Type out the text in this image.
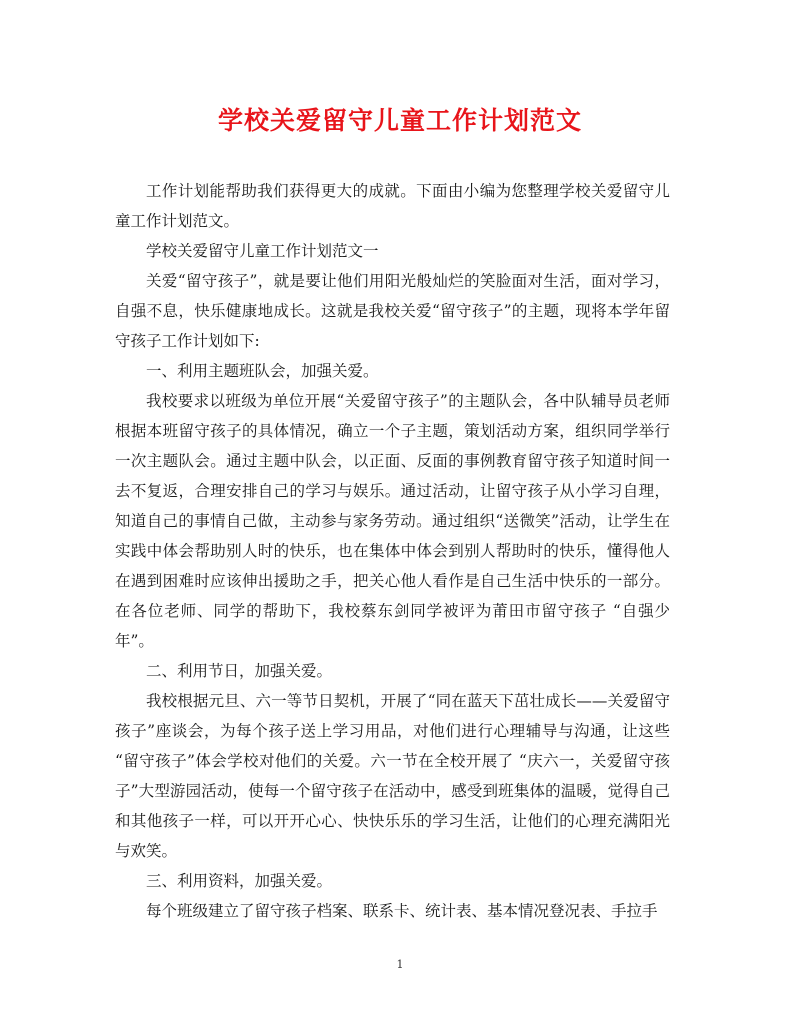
学校关爱留守儿童工作计划范文

工作计划能帮助我们获得更大的成就。下面由小编为您整理学校关爱留守儿童工作计划范文。

学校关爱留守儿童工作计划范文一

关爱“留守孩子”，就是要让他们用阳光般灿烂的笑脸面对生活，面对学习，自强不息，快乐健康地成长。这就是我校关爱“留守孩子”的主题，现将本学年留守孩子工作计划如下:

一、利用主题班队会，加强关爱。

我校要求以班级为单位开展“关爱留守孩子”的主题队会，各中队辅导员老师根据本班留守孩子的具体情况，确立一个子主题，策划活动方案，组织同学举行一次主题队会。通过主题中队会，以正面、反面的事例教育留守孩子知道时间一去不复返，合理安排自己的学习与娱乐。通过活动，让留守孩子从小学习自理，知道自己的事情自己做，主动参与家务劳动。通过组织“送微笑”活动，让学生在实践中体会帮助别人时的快乐，也在集体中体会到别人帮助时的快乐，懂得他人在遇到困难时应该伸出援助之手，把关心他人看作是自己生活中快乐的一部分。在各位老师、同学的帮助下，我校蔡东剑同学被评为莆田市留守孩子 “自强少年”。

二、利用节日，加强关爱。

我校根据元旦、六一等节日契机，开展了“同在蓝天下茁壮成长——关爱留守孩子”座谈会，为每个孩子送上学习用品，对他们进行心理辅导与沟通，让这些 “留守孩子”体会学校对他们的关爱。六一节在全校开展了 “庆六一，关爱留守孩子”大型游园活动，使每一个留守孩子在活动中，感受到班集体的温暖，觉得自己和其他孩子一样，可以开开心心、快快乐乐的学习生活，让他们的心理充满阳光与欢笑。

三、利用资料，加强关爱。

每个班级建立了留守孩子档案、联系卡、统计表、基本情况登况表、手拉手

1
